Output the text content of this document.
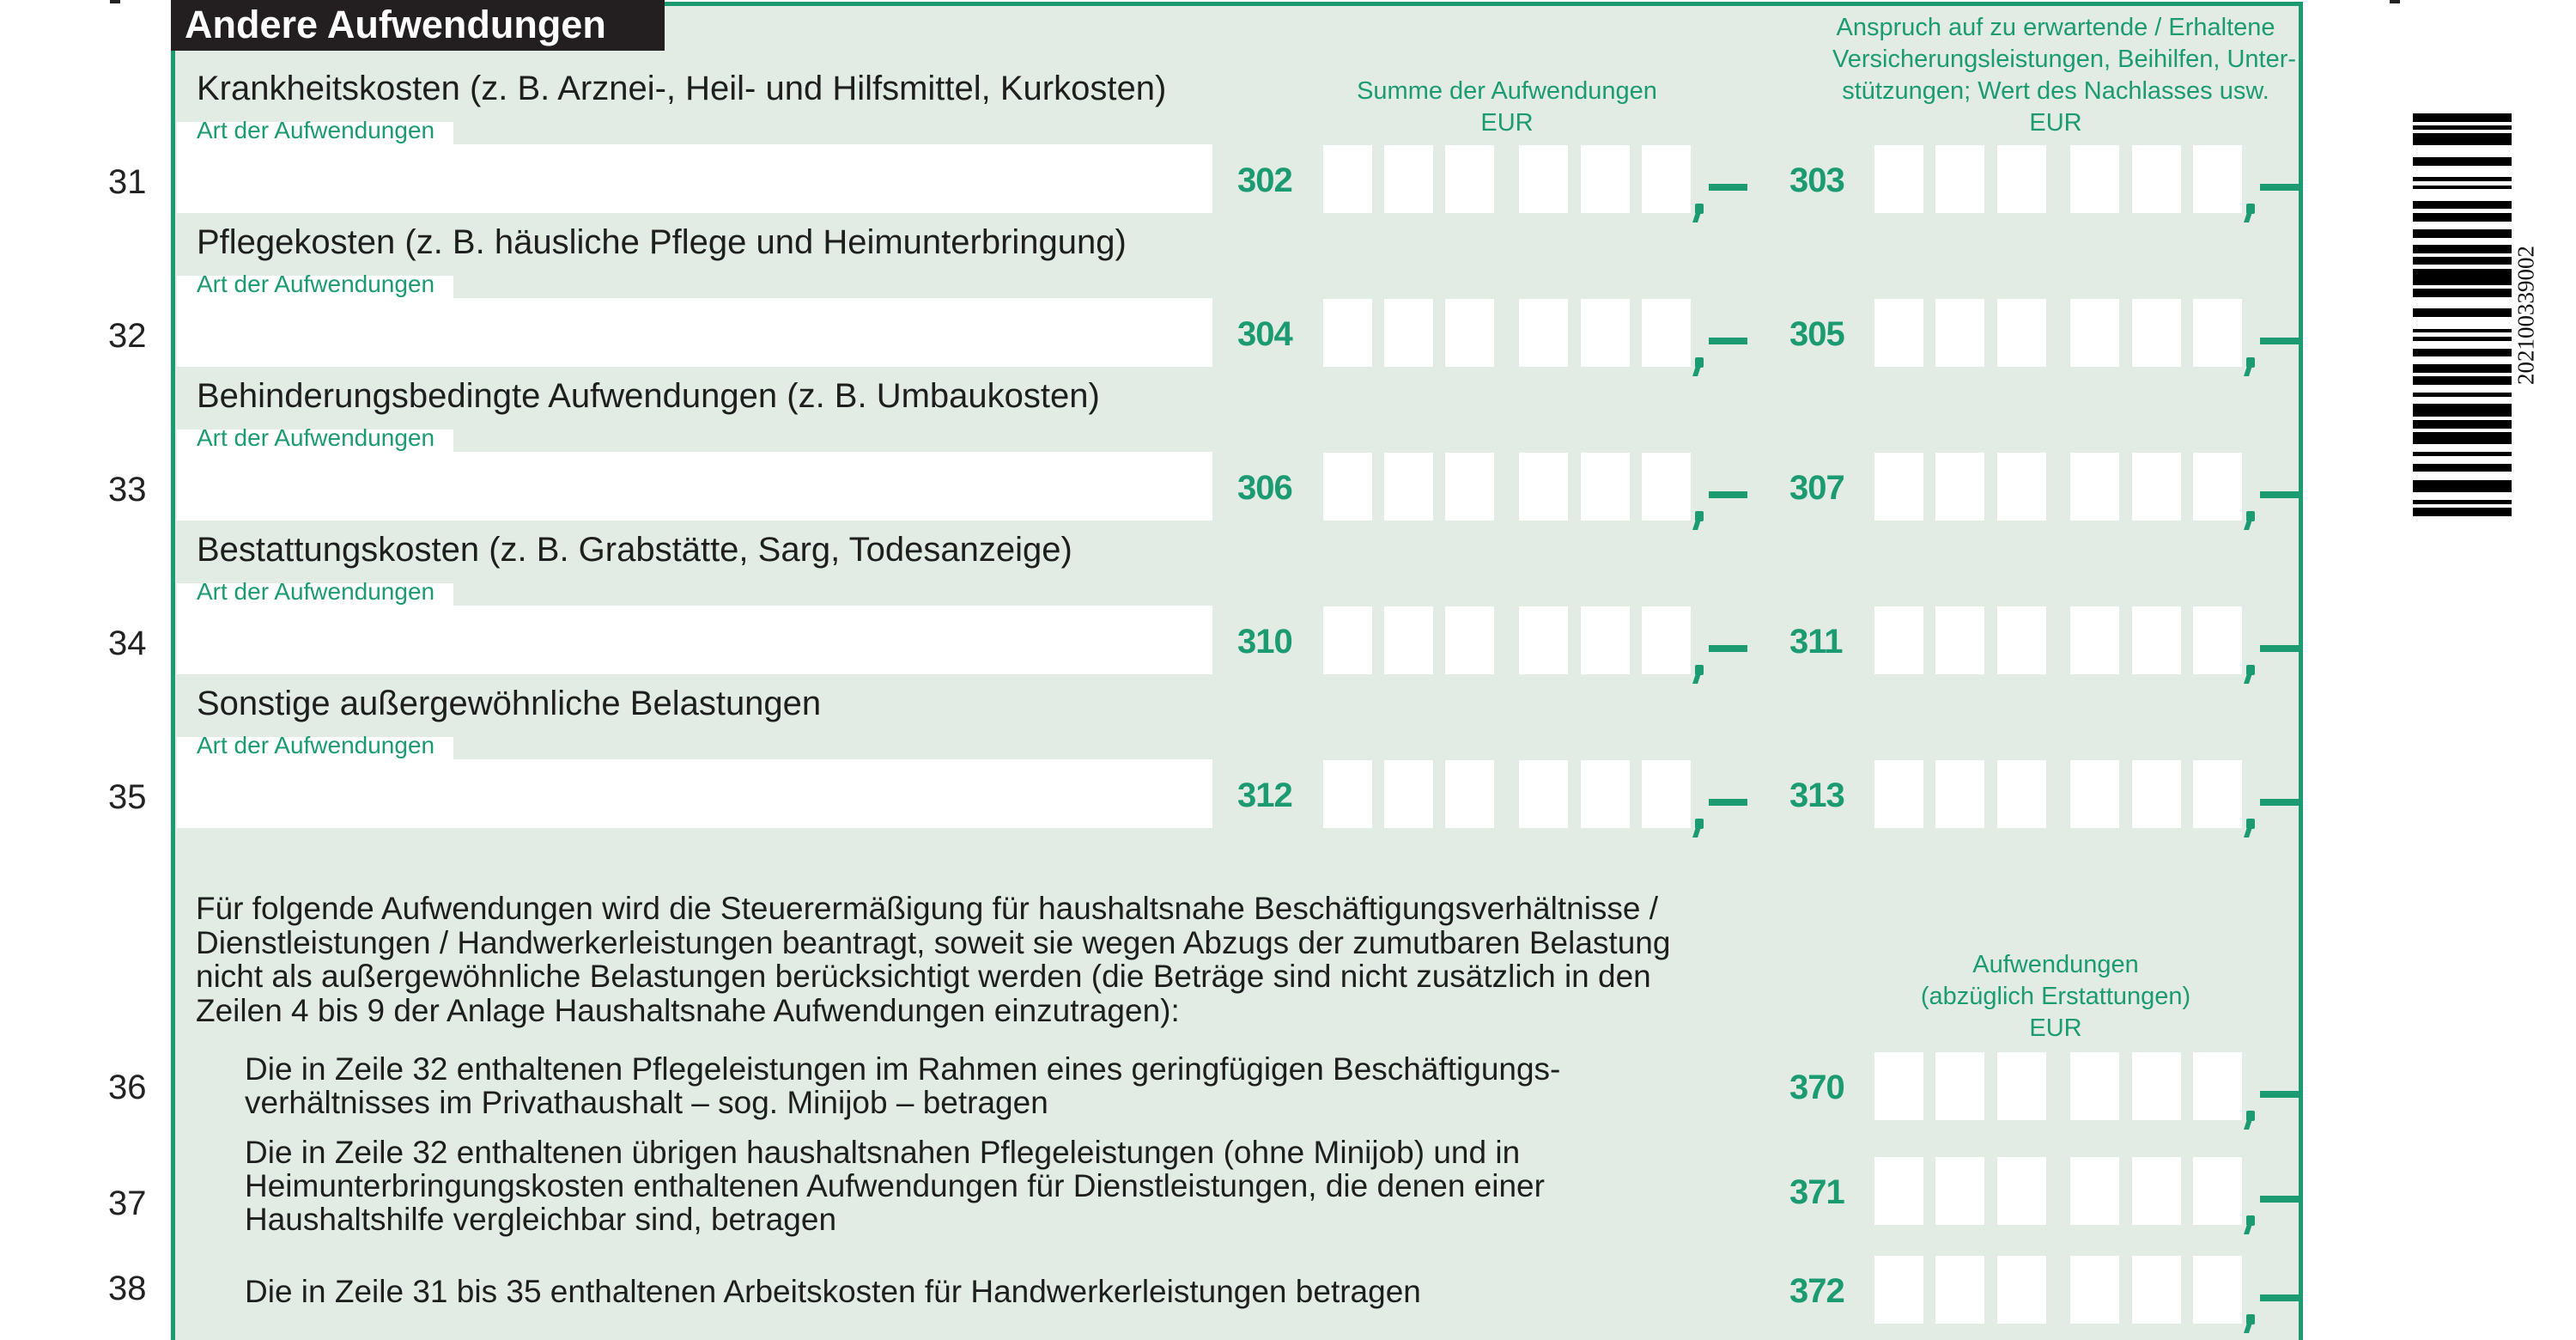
Andere Aufwendungen
Summe der Aufwendungen
EUR
Anspruch auf zu erwartende / Erhaltene
Versicherungsleistungen, Beihilfen, Unter-
stützungen; Wert des Nachlasses usw.
EUR
Krankheitskosten (z. B. Arznei-, Heil- und Hilfsmittel, Kurkosten)
Art der Aufwendungen
31	302	303
Pflegekosten (z. B. häusliche Pflege und Heimunterbringung)
Art der Aufwendungen
32	304	305
Behinderungsbedingte Aufwendungen (z. B. Umbaukosten)
Art der Aufwendungen
33	306	307
Bestattungskosten (z. B. Grabstätte, Sarg, Todesanzeige)
Art der Aufwendungen
34	310	311
Sonstige außergewöhnliche Belastungen
Art der Aufwendungen
35	312	313
Für folgende Aufwendungen wird die Steuerermäßigung für haushaltsnahe Beschäftigungsverhältnisse /
Dienstleistungen / Handwerkerleistungen beantragt, soweit sie wegen Abzugs der zumutbaren Belastung
nicht als außergewöhnliche Belastungen berücksichtigt werden (die Beträge sind nicht zusätzlich in den
Zeilen 4 bis 9 der Anlage Haushaltsnahe Aufwendungen einzutragen):
Aufwendungen
(abzüglich Erstattungen)
EUR
Die in Zeile 32 enthaltenen Pflegeleistungen im Rahmen eines geringfügigen Beschäftigungs-
verhältnisses im Privathaushalt – sog. Minijob – betragen
36	370
Die in Zeile 32 enthaltenen übrigen haushaltsnahen Pflegeleistungen (ohne Minijob) und in
Heimunterbringungskosten enthaltenen Aufwendungen für Dienstleistungen, die denen einer
Haushaltshilfe vergleichbar sind, betragen
37	371
Die in Zeile 31 bis 35 enthaltenen Arbeitskosten für Handwerkerleistungen betragen
38	372
202100339002
